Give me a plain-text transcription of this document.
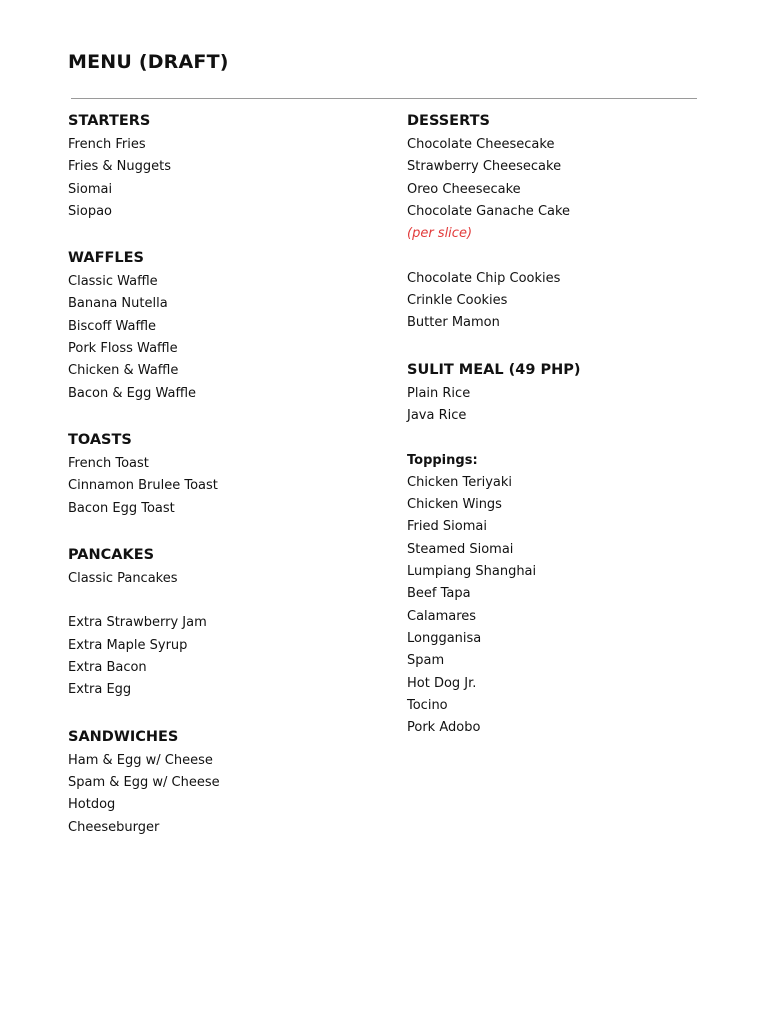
MENU (DRAFT)
STARTERS
French Fries
Fries & Nuggets
Siomai
Siopao
WAFFLES
Classic Waffle
Banana Nutella
Biscoff Waffle
Pork Floss Waffle
Chicken & Waffle
Bacon & Egg Waffle
TOASTS
French Toast
Cinnamon Brulee Toast
Bacon Egg Toast
PANCAKES
Classic Pancakes
Extra Strawberry Jam
Extra Maple Syrup
Extra Bacon
Extra Egg
SANDWICHES
Ham & Egg w/ Cheese
Spam & Egg w/ Cheese
Hotdog
Cheeseburger
DESSERTS
Chocolate Cheesecake
Strawberry Cheesecake
Oreo Cheesecake
Chocolate Ganache Cake
(per slice)
Chocolate Chip Cookies
Crinkle Cookies
Butter Mamon
SULIT MEAL (49 PHP)
Plain Rice
Java Rice
Toppings:
Chicken Teriyaki
Chicken Wings
Fried Siomai
Steamed Siomai
Lumpiang Shanghai
Beef Tapa
Calamares
Longganisa
Spam
Hot Dog Jr.
Tocino
Pork Adobo
